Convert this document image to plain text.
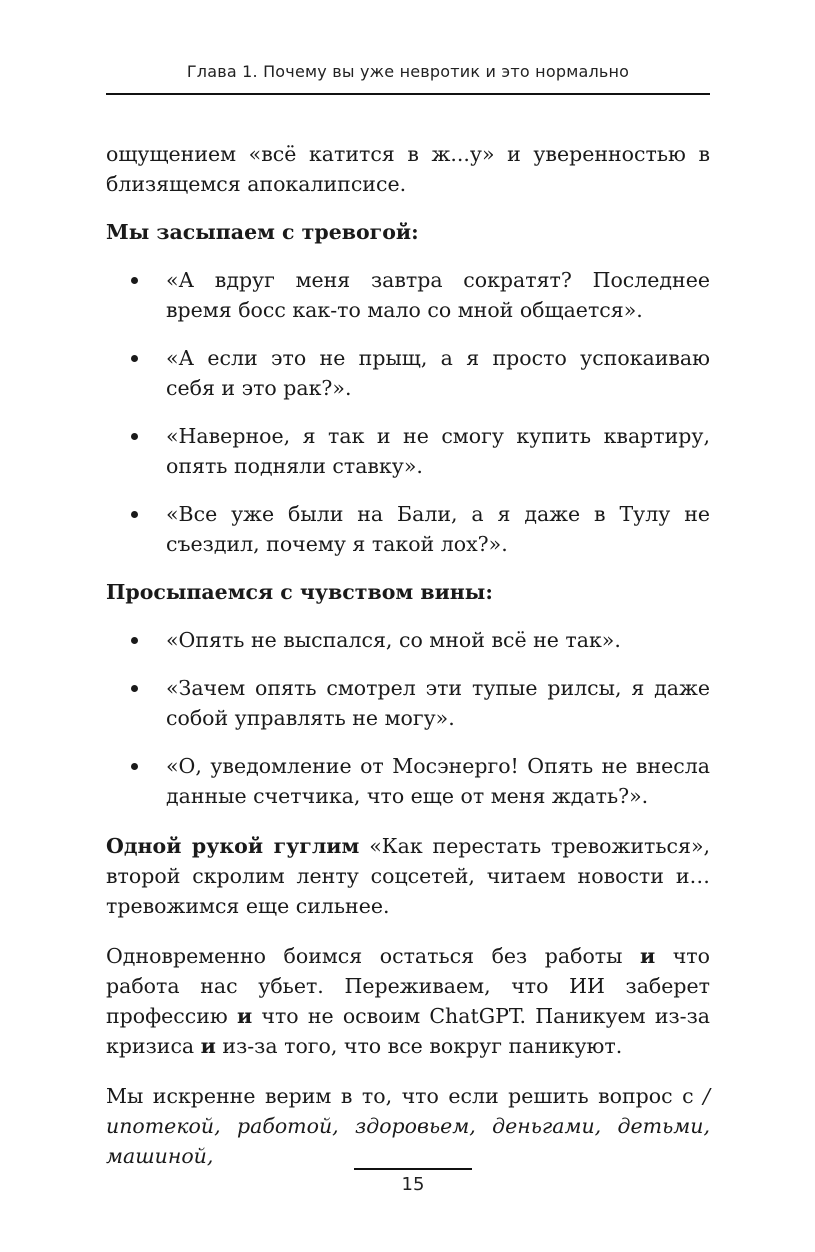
Глава 1. Почему вы уже невротик и это нормально

ощущением «всё катится в ж...у» и уверенностью в близящемся апокалипсисе.

Мы засыпаем с тревогой:

«А вдруг меня завтра сократят? Последнее время босс как-то мало со мной общается».
«А если это не прыщ, а я просто успокаиваю себя и это рак?».
«Наверное, я так и не смогу купить квартиру, опять подняли ставку».
«Все уже были на Бали, а я даже в Тулу не съездил, почему я такой лох?».

Просыпаемся с чувством вины:

«Опять не выспался, со мной всё не так».
«Зачем опять смотрел эти тупые рилсы, я даже собой управлять не могу».
«О, уведомление от Мосэнерго! Опять не внесла данные счетчика, что еще от меня ждать?».

Одной рукой гуглим «Как перестать тревожиться», второй скролим ленту соцсетей, читаем новости и… тревожимся еще сильнее.

Одновременно боимся остаться без работы и что работа нас убьет. Переживаем, что ИИ заберет профессию и что не освоим ChatGPT. Паникуем из-за кризиса и из-за того, что все вокруг паникуют.

Мы искренне верим в то, что если решить вопрос с /ипотекой, работой, здоровьем, деньгами, детьми, машиной,

15
